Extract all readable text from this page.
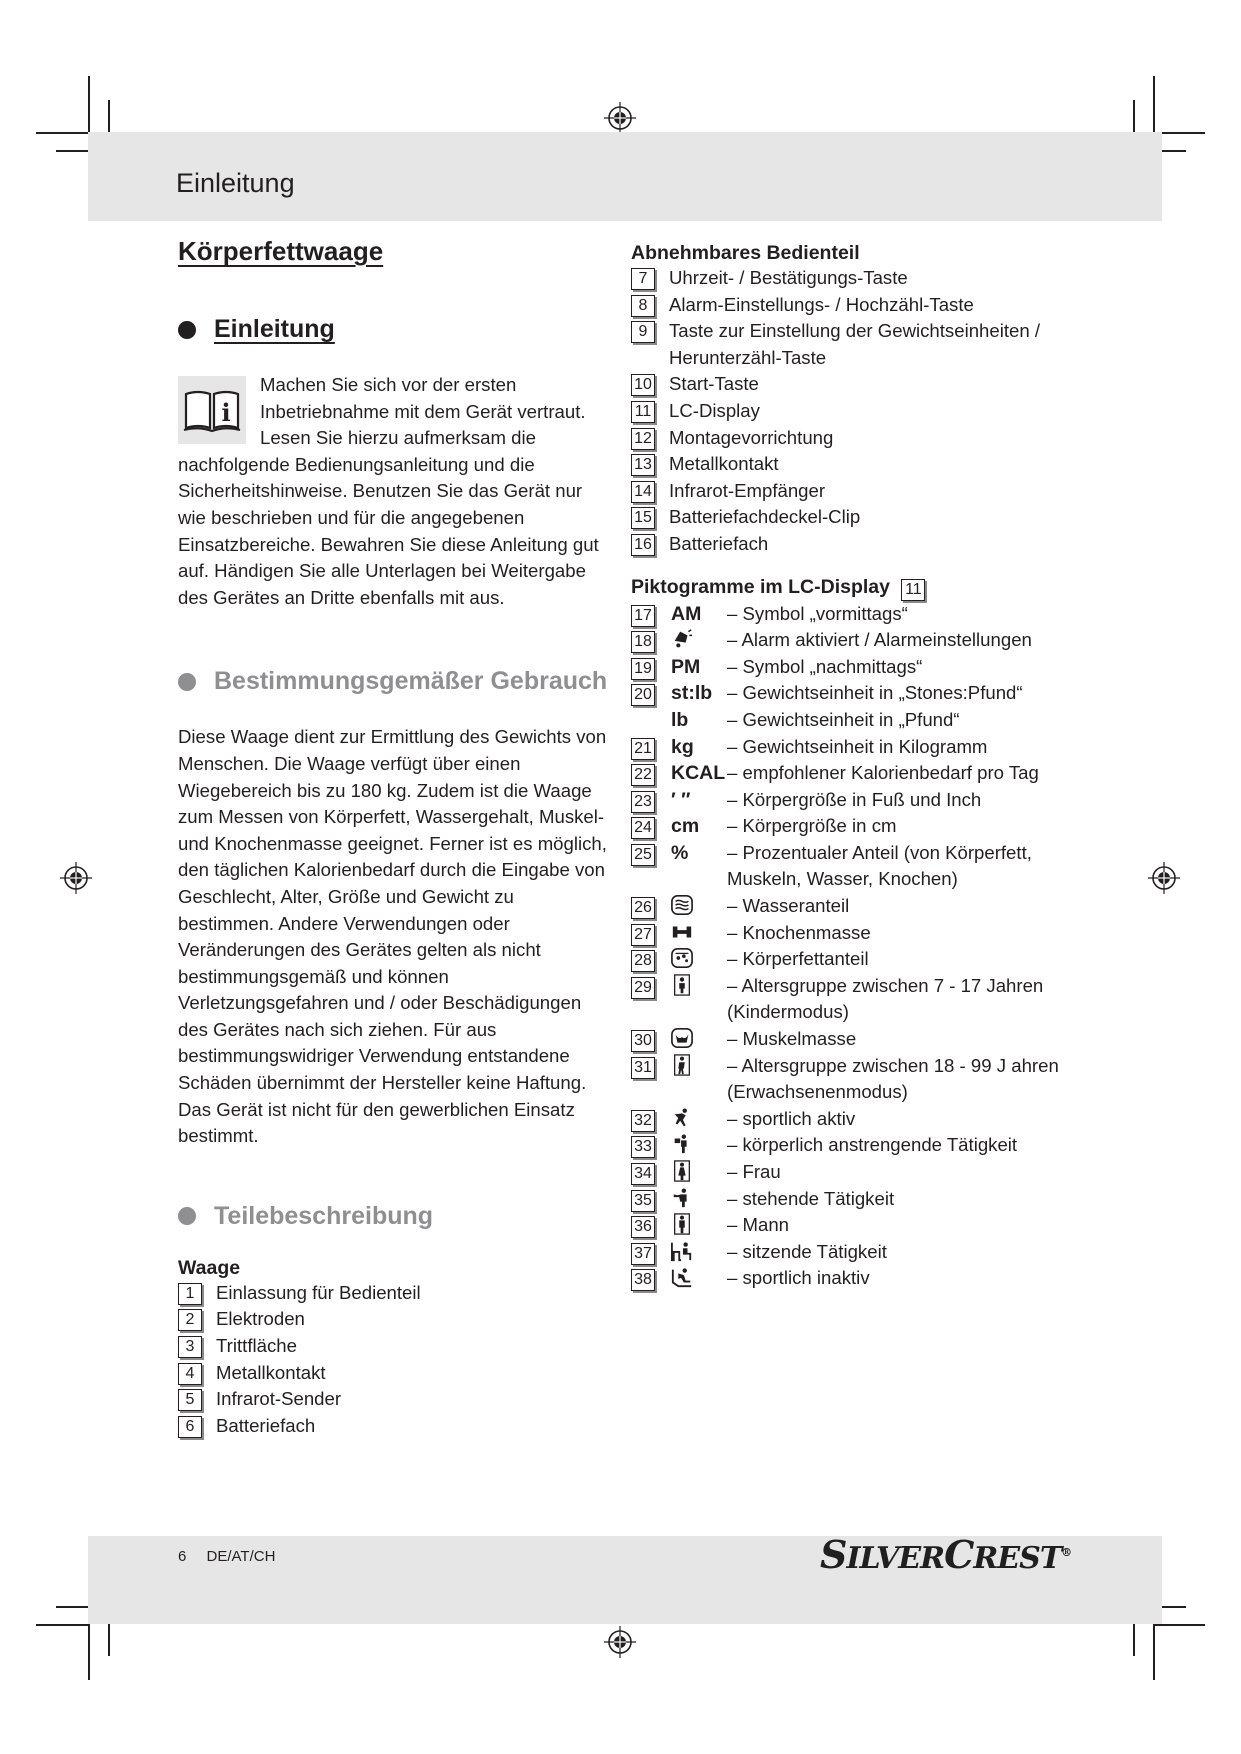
Einleitung
Körperfettwaage
Einleitung
i

Machen Sie sich vor der ersten Inbetriebnahme mit dem Gerät vertraut. Lesen Sie hierzu aufmerksam die nachfolgende Bedienungsanleitung und die Sicherheitshinweise. Benutzen Sie das Gerät nur wie beschrieben und für die angegebenen Einsatzbereiche. Bewahren Sie diese Anleitung gut auf. Händigen Sie alle Unterlagen bei Weitergabe des Gerätes an Dritte ebenfalls mit aus.

Bestimmungsgemäßer Gebrauch

Diese Waage dient zur Ermittlung des Gewichts von Menschen. Die Waage verfügt über einen Wiegebereich bis zu 180 kg. Zudem ist die Waage zum Messen von Körperfett, Wassergehalt, Muskel- und Knochenmasse geeignet. Ferner ist es möglich, den täglichen Kalorienbedarf durch die Eingabe von Geschlecht, Alter, Größe und Gewicht zu bestimmen. Andere Verwendungen oder Veränderungen des Gerätes gelten als nicht bestimmungsgemäß und können Verletzungsgefahren und / oder Beschädigungen des Gerätes nach sich ziehen. Für aus bestimmungswidriger Verwendung entstandene Schäden übernimmt der Hersteller keine Haftung. Das Gerät ist nicht für den gewerblichen Einsatz bestimmt.

Teilebeschreibung
Waage
1	Einlassung für Bedienteil
2	Elektroden
3	Trittfläche
4	Metallkontakt
5	Infrarot-Sender
6	Batteriefach
Abnehmbares Bedienteil
7	Uhrzeit- / Bestätigungs-Taste
8	Alarm-Einstellungs- / Hochzähl-Taste
9	Taste zur Einstellung der Gewichtseinheiten / Herunterzähl-Taste
10 Start-Taste
11 LC-Display
12 Montagevorrichtung
13 Metallkontakt
14 Infrarot-Empfänger
15 Batteriefachdeckel-Clip
16 Batteriefach
Piktogramme im LC-Display 11
17 AM	– Symbol „vormittags“
18	– Alarm aktiviert / Alarmeinstellungen
19 PM	– Symbol „nachmittags“
20 st:lb – Gewichtseinheit in „Stones:Pfund“
lb	– Gewichtseinheit in „Pfund“
21 kg	– Gewichtseinheit in Kilogramm
22 KCAL – empfohlener Kalorienbedarf pro Tag
23 ′ ″	– Körpergröße in Fuß und Inch
24 cm	– Körpergröße in cm
25 %	– Prozentualer Anteil (von Körperfett, Muskeln, Wasser, Knochen)
26	– Wasseranteil
27	– Knochenmasse
28	– Körperfettanteil
29	– Altersgruppe zwischen 7 - 17 Jahren (Kindermodus)
30	– Muskelmasse
31	– Altersgruppe zwischen 18 - 99 J ahren (Erwachsenenmodus)
32	– sportlich aktiv
33	– körperlich anstrengende Tätigkeit
34	– Frau
35	– stehende Tätigkeit
36	– Mann
37	– sitzende Tätigkeit
38	– sportlich inaktiv
6 DE/AT/CH	SILVERCREST®
